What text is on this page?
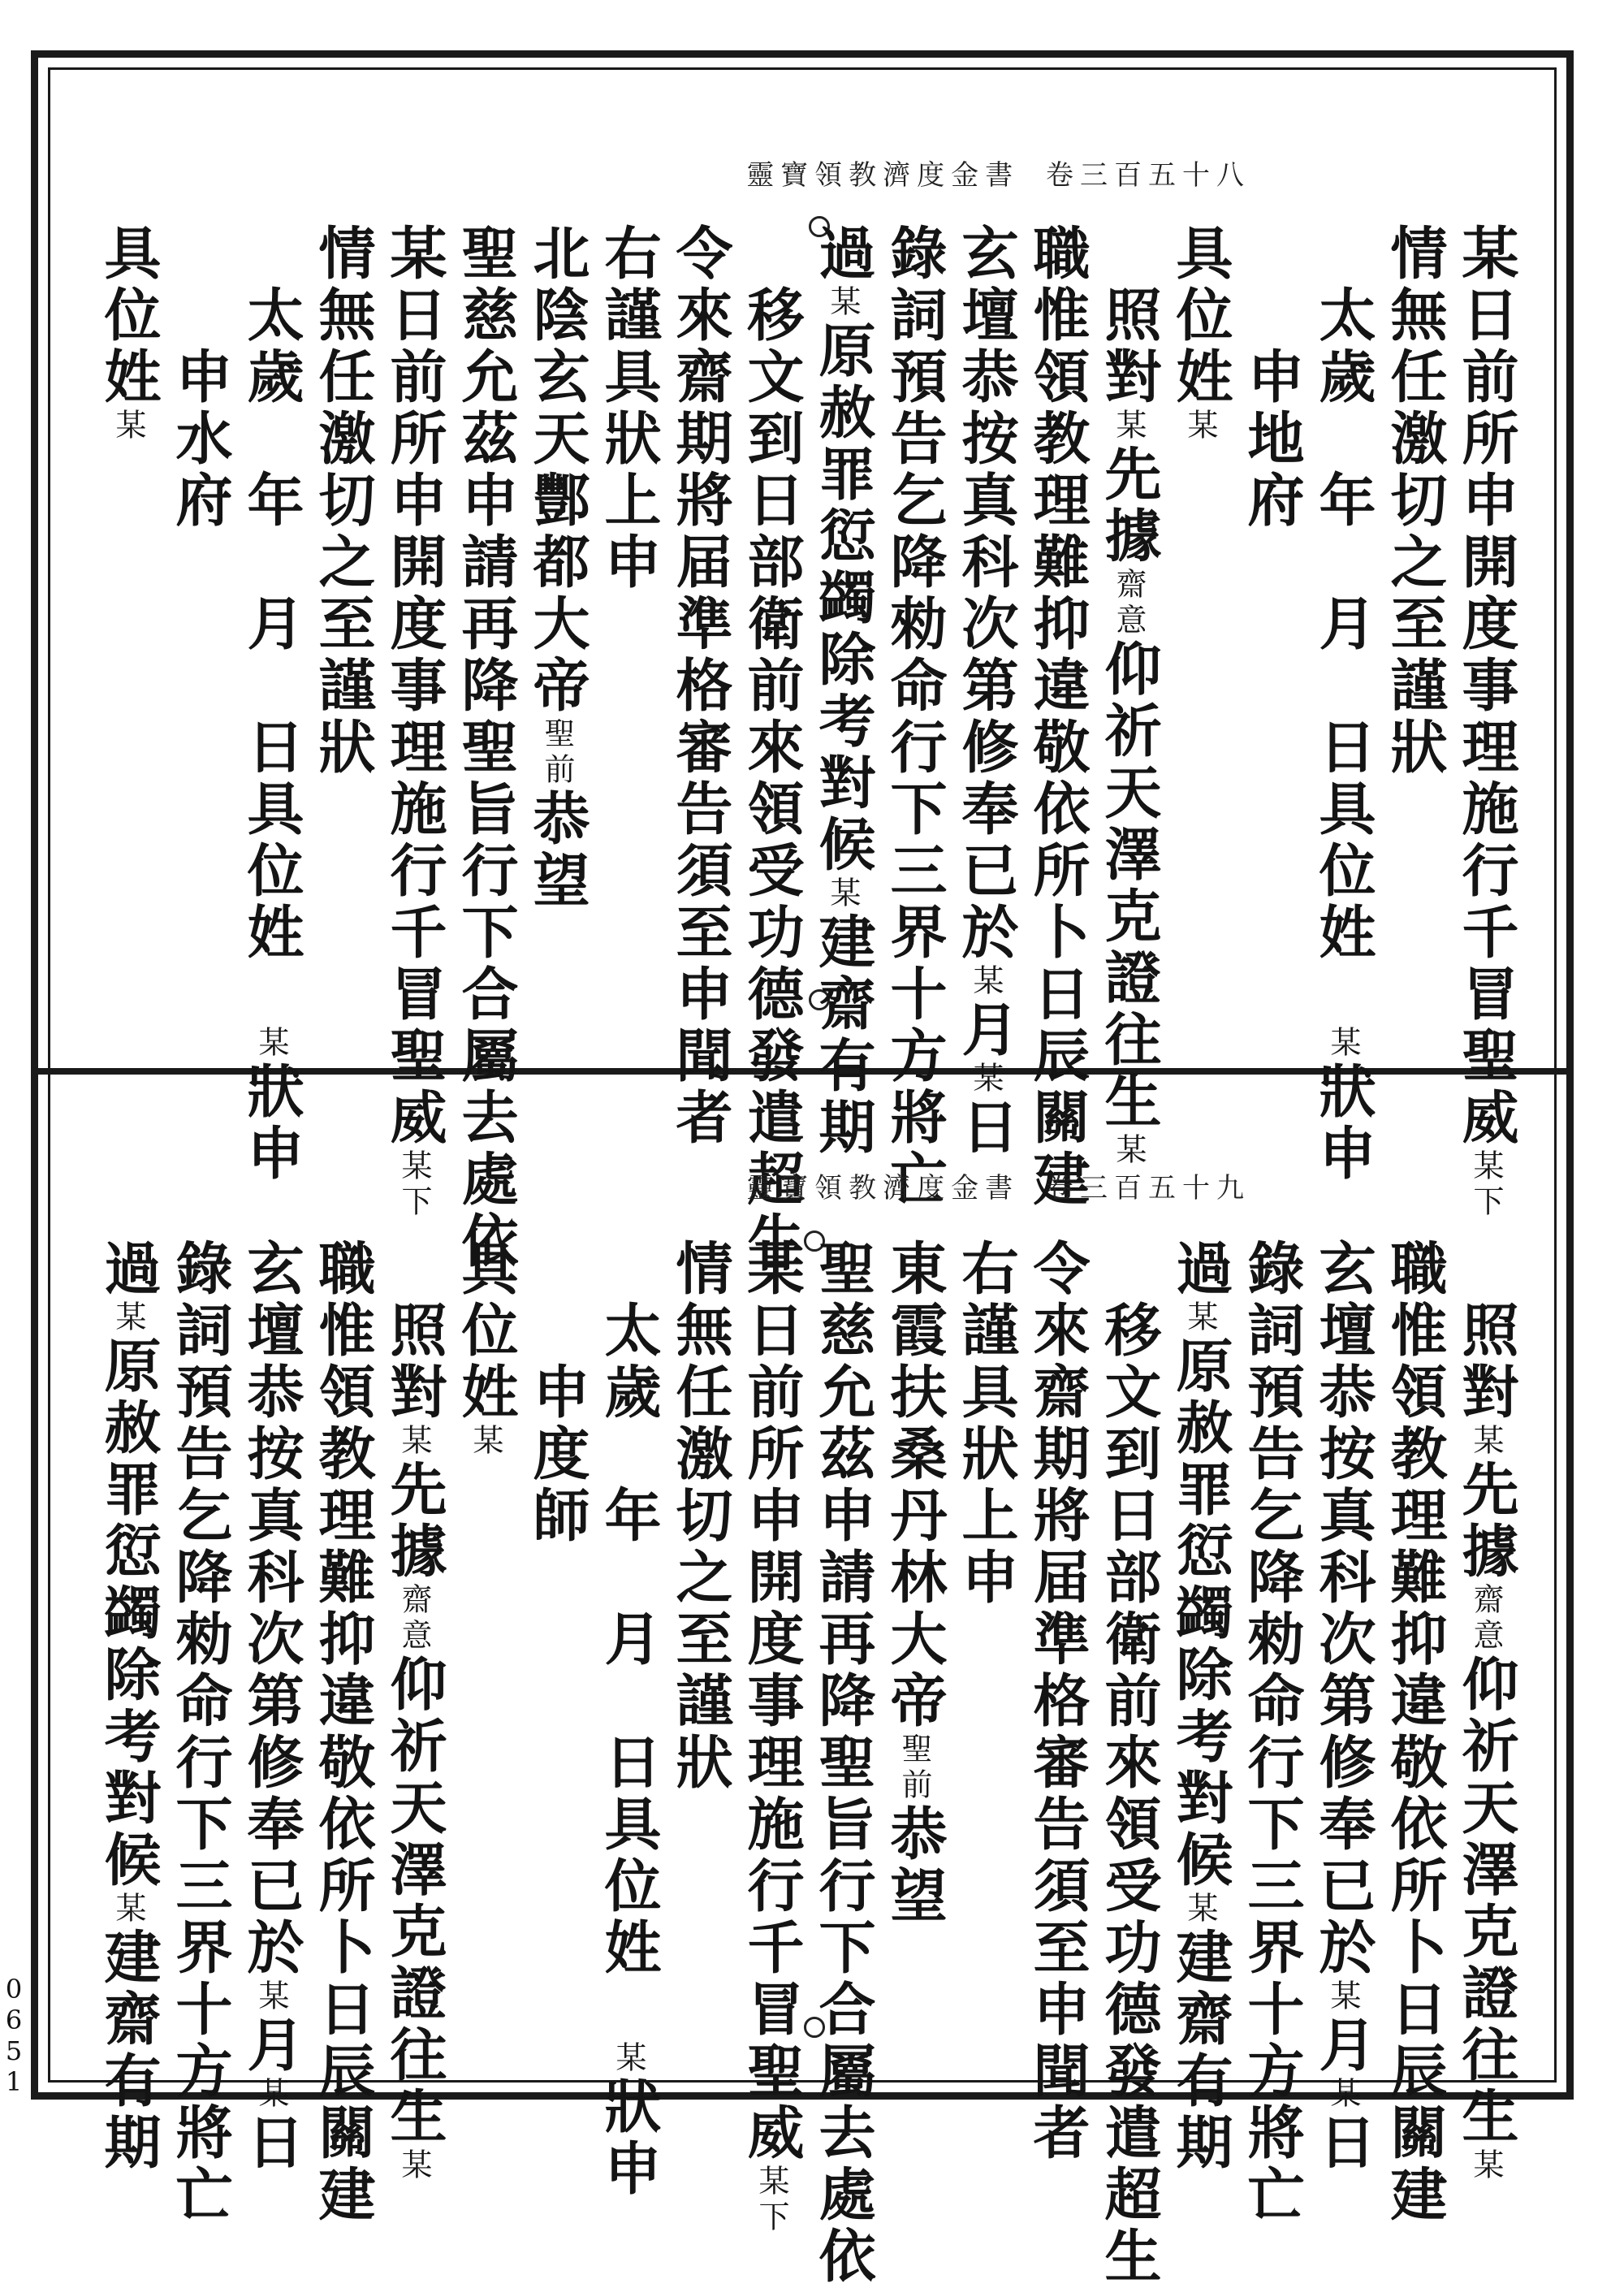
靈寶領教濟度金書 卷三百五十八
某日前所申開度事理施行千冒聖威某下
情無任激切之至謹狀
　太歲　年　月　日具位姓　某狀申
　　申地府
具位姓某
　照對某先據齋意仰祈天澤克證往生某
職惟領教理難抑違敬依所卜日辰關建
玄壇恭按真科次第修奉已於某月某日
錄詞預告乞降勑命行下三界十方將亡
過某原赦罪愆蠲除考對候某建齋有期
　移文到日部衛前來領受功德發遣超生
令來齋期將届準格審告須至申聞者
右謹具狀上申
北陰玄天酆都大帝聖前恭望
聖慈允茲申請再降聖旨行下合屬去處依
某日前所申開度事理施行千冒聖威某下
情無任激切之至謹狀
　太歲　年　月　日具位姓　某狀申
　　申水府
具位姓某
靈寶領教濟度金書 卷三百五十九
　照對某先據齋意仰祈天澤克證往生某
職惟領教理難抑違敬依所卜日辰關建
玄壇恭按真科次第修奉已於某月某日
錄詞預告乞降勑命行下三界十方將亡
過某原赦罪愆蠲除考對候某建齋有期
　移文到日部衛前來領受功德發遣超生
令來齋期將届準格審告須至申聞者
右謹具狀上申
東霞扶桑丹林大帝聖前恭望
聖慈允茲申請再降聖旨行下合屬去處依
某日前所申開度事理施行千冒聖威某下
情無任激切之至謹狀
　太歲　年　月　日具位姓　某狀申
　　申度師
具位姓某
　照對某先據齋意仰祈天澤克證往生某
職惟領教理難抑違敬依所卜日辰關建
玄壇恭按真科次第修奉已於某月某日
錄詞預告乞降勑命行下三界十方將亡
過某原赦罪愆蠲除考對候某建齋有期
0651
